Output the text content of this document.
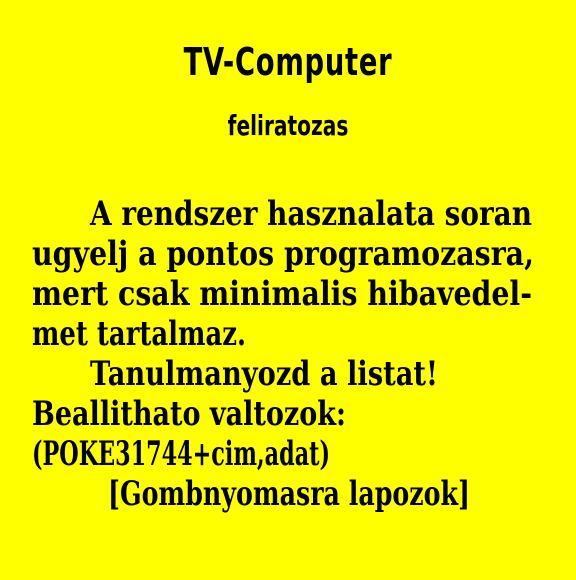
TV-Computer
feliratozas
A rendszer hasznalata soran
ugyelj a pontos programozasra,
mert csak minimalis hibavedel-
met tartalmaz.
Tanulmanyozd a listat!
Beallithato valtozok:
(POKE31744+cim,adat)
[Gombnyomasra lapozok]
